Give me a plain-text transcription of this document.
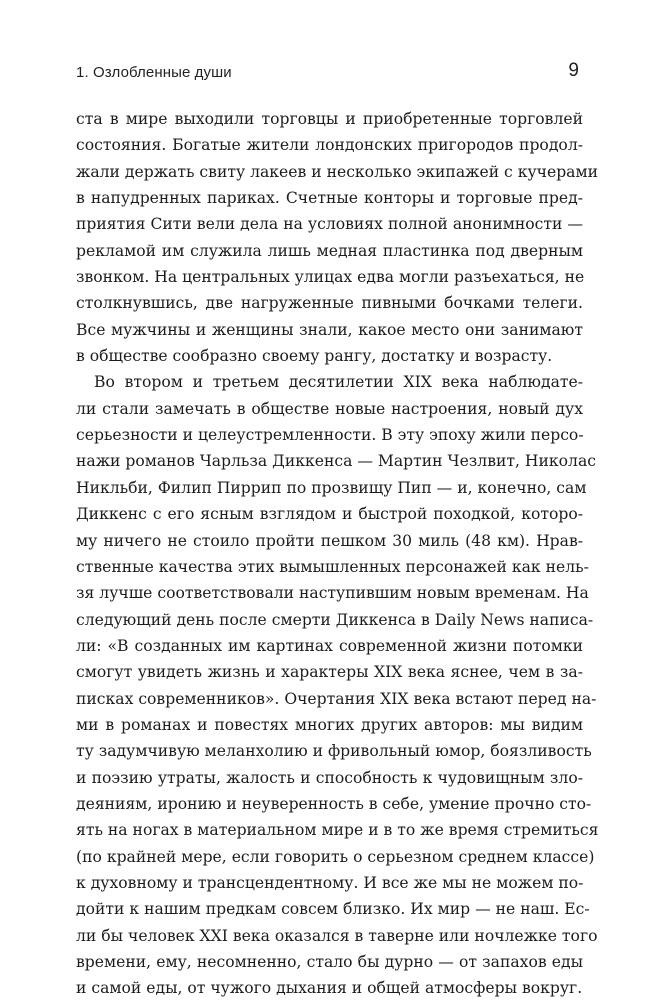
1. Озлобленные души	9
ста в мире выходили торговцы и приобретенные торговлей
состояния. Богатые жители лондонских пригородов продол-
жали держать свиту лакеев и несколько экипажей с кучерами
в напудренных париках. Счетные конторы и торговые пред-
приятия Сити вели дела на условиях полной анонимности —
рекламой им служила лишь медная пластинка под дверным
звонком. На центральных улицах едва могли разъехаться, не
столкнувшись, две нагруженные пивными бочками телеги.
Все мужчины и женщины знали, какое место они занимают
в обществе сообразно своему рангу, достатку и возрасту.
Во втором и третьем десятилетии XIX века наблюдате-
ли стали замечать в обществе новые настроения, новый дух
серьезности и целеустремленности. В эту эпоху жили персо-
нажи романов Чарльза Диккенса — Мартин Чезлвит, Николас
Никльби, Филип Пиррип по прозвищу Пип — и, конечно, сам
Диккенс с его ясным взглядом и быстрой походкой, которо-
му ничего не стоило пройти пешком 30 миль (48 км). Нрав-
ственные качества этих вымышленных персонажей как нель-
зя лучше соответствовали наступившим новым временам. На
следующий день после смерти Диккенса в Daily News написа-
ли: «В созданных им картинах современной жизни потомки
смогут увидеть жизнь и характеры XIX века яснее, чем в за-
писках современников». Очертания XIX века встают перед на-
ми в романах и повестях многих других авторов: мы видим
ту задумчивую меланхолию и фривольный юмор, боязливость
и поэзию утраты, жалость и способность к чудовищным зло-
деяниям, иронию и неуверенность в себе, умение прочно сто-
ять на ногах в материальном мире и в то же время стремиться
(по крайней мере, если говорить о серьезном среднем классе)
к духовному и трансцендентному. И все же мы не можем по-
дойти к нашим предкам совсем близко. Их мир — не наш. Ес-
ли бы человек XXI века оказался в таверне или ночлежке того
времени, ему, несомненно, стало бы дурно — от запахов еды
и самой еды, от чужого дыхания и общей атмосферы вокруг.
